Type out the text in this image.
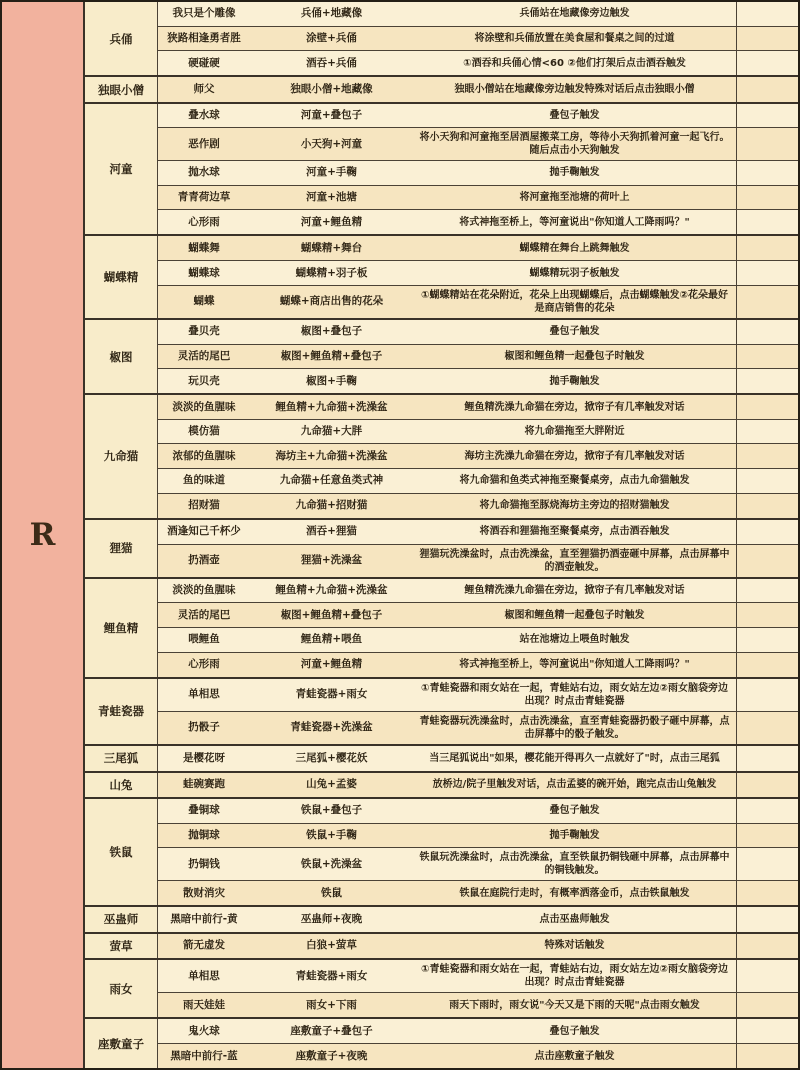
R
兵俑
我只是个雕像	兵俑+地藏像	兵俑站在地藏像旁边触发
狭路相逢勇者胜	涂壁+兵俑	将涂壁和兵俑放置在美食屋和餐桌之间的过道
硬碰硬	酒吞+兵俑	①酒吞和兵俑心情<60 ②他们打架后点击酒吞触发
独眼小僧	师父	独眼小僧+地藏像	独眼小僧站在地藏像旁边触发特殊对话后点击独眼小僧
河童
叠水球	河童+叠包子	叠包子触发
恶作剧	小天狗+河童	将小天狗和河童拖至居酒屋搬菜工房，等待小天狗抓着河童一起飞行。随后点击小天狗触发
抛水球	河童+手鞠	抛手鞠触发
青青荷边草	河童+池塘	将河童拖至池塘的荷叶上
心形雨	河童+鲤鱼精	将式神拖至桥上，等河童说出"你知道人工降雨吗？"
蝴蝶精
蝴蝶舞	蝴蝶精+舞台	蝴蝶精在舞台上跳舞触发
蝴蝶球	蝴蝶精+羽子板	蝴蝶精玩羽子板触发
蝴蝶	蝴蝶+商店出售的花朵	①蝴蝶精站在花朵附近，花朵上出现蝴蝶后，点击蝴蝶触发②花朵最好是商店销售的花朵
椒图
叠贝壳	椒图+叠包子	叠包子触发
灵活的尾巴	椒图+鲤鱼精+叠包子	椒图和鲤鱼精一起叠包子时触发
玩贝壳	椒图+手鞠	抛手鞠触发
九命猫
淡淡的鱼腥味	鲤鱼精+九命猫+洗澡盆	鲤鱼精洗澡九命猫在旁边，掀帘子有几率触发对话
模仿猫	九命猫+大胖	将九命猫拖至大胖附近
浓郁的鱼腥味	海坊主+九命猫+洗澡盆	海坊主洗澡九命猫在旁边，掀帘子有几率触发对话
鱼的味道	九命猫+任意鱼类式神	将九命猫和鱼类式神拖至聚餐桌旁，点击九命猫触发
招财猫	九命猫+招财猫	将九命猫拖至豚烧海坊主旁边的招财猫触发
狸猫
酒逢知己千杯少	酒吞+狸猫	将酒吞和狸猫拖至聚餐桌旁，点击酒吞触发
扔酒壶	狸猫+洗澡盆	狸猫玩洗澡盆时，点击洗澡盆，直至狸猫扔酒壶砸中屏幕，点击屏幕中的酒壶触发。
鲤鱼精
淡淡的鱼腥味	鲤鱼精+九命猫+洗澡盆	鲤鱼精洗澡九命猫在旁边，掀帘子有几率触发对话
灵活的尾巴	椒图+鲤鱼精+叠包子	椒图和鲤鱼精一起叠包子时触发
喂鲤鱼	鲤鱼精+喂鱼	站在池塘边上喂鱼时触发
心形雨	河童+鲤鱼精	将式神拖至桥上，等河童说出"你知道人工降雨吗？"
青蛙瓷器
单相思	青蛙瓷器+雨女	①青蛙瓷器和雨女站在一起，青蛙站右边，雨女站左边②雨女脑袋旁边出现？时点击青蛙瓷器
扔骰子	青蛙瓷器+洗澡盆	青蛙瓷器玩洗澡盆时，点击洗澡盆，直至青蛙瓷器扔骰子砸中屏幕，点击屏幕中的骰子触发。
三尾狐	是樱花呀	三尾狐+樱花妖	当三尾狐说出"如果，樱花能开得再久一点就好了"时，点击三尾狐
山兔	蛙碗赛跑	山兔+孟婆	放桥边/院子里触发对话，点击孟婆的碗开始，跑完点击山兔触发
铁鼠
叠铜球	铁鼠+叠包子	叠包子触发
抛铜球	铁鼠+手鞠	抛手鞠触发
扔铜钱	铁鼠+洗澡盆	铁鼠玩洗澡盆时，点击洗澡盆，直至铁鼠扔铜钱砸中屏幕，点击屏幕中的铜钱触发。
散财消灾	铁鼠	铁鼠在庭院行走时，有概率洒落金币，点击铁鼠触发
巫蛊师	黑暗中前行-黄	巫蛊师+夜晚	点击巫蛊师触发
萤草	箭无虚发	白狼+萤草	特殊对话触发
雨女
单相思	青蛙瓷器+雨女	①青蛙瓷器和雨女站在一起，青蛙站右边，雨女站左边②雨女脑袋旁边出现？时点击青蛙瓷器
雨天娃娃	雨女+下雨	雨天下雨时，雨女说"今天又是下雨的天呢"点击雨女触发
座敷童子
鬼火球	座敷童子+叠包子	叠包子触发
黑暗中前行-蓝	座敷童子+夜晚	点击座敷童子触发
